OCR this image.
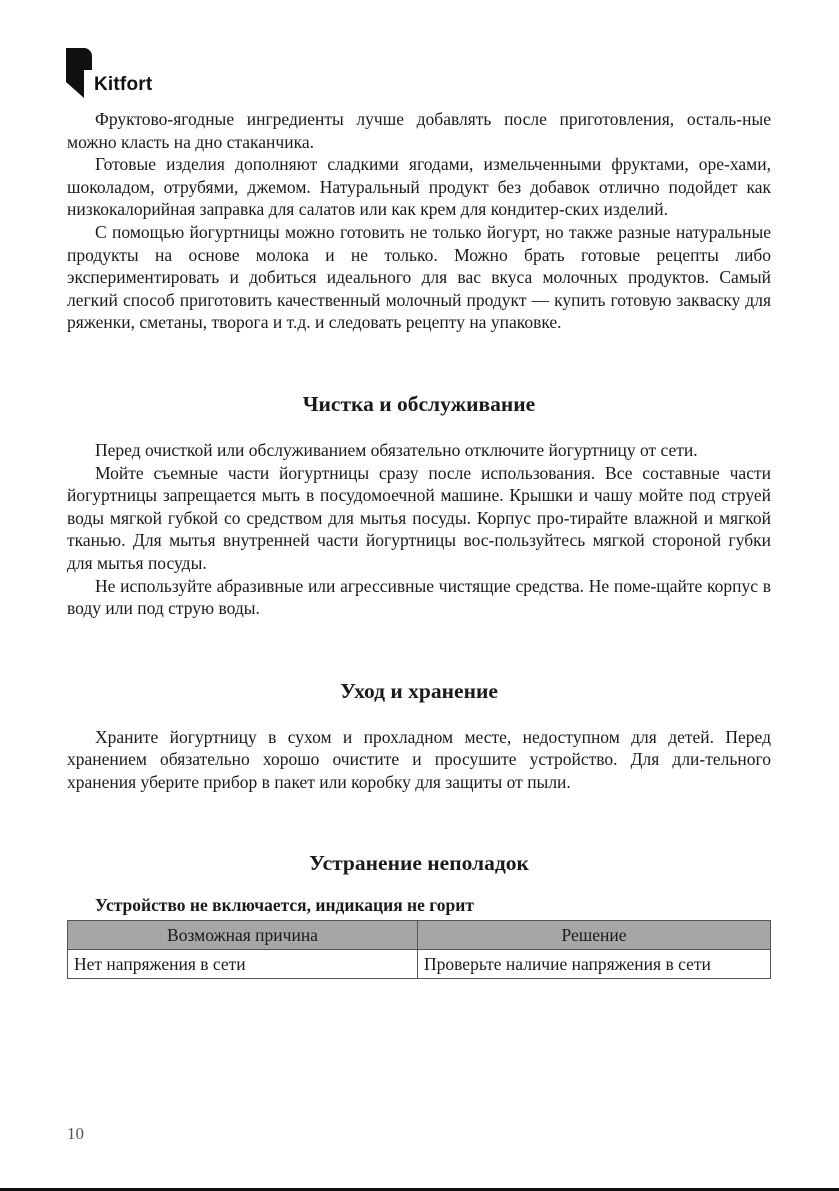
Kitfort

Фруктово-ягодные ингредиенты лучше добавлять после приготовления, осталь-ные можно класть на дно стаканчика.

Готовые изделия дополняют сладкими ягодами, измельченными фруктами, оре-хами, шоколадом, отрубями, джемом. Натуральный продукт без добавок отлично подойдет как низкокалорийная заправка для салатов или как крем для кондитер-ских изделий.

С помощью йогуртницы можно готовить не только йогурт, но также разные натуральные продукты на основе молока и не только. Можно брать готовые рецепты либо экспериментировать и добиться идеального для вас вкуса молочных продуктов. Самый легкий способ приготовить качественный молочный продукт — купить готовую закваску для ряженки, сметаны, творога и т.д. и следовать рецепту на упаковке.

Чистка и обслуживание

Перед очисткой или обслуживанием обязательно отключите йогуртницу от сети.

Мойте съемные части йогуртницы сразу после использования. Все составные части йогуртницы запрещается мыть в посудомоечной машине. Крышки и чашу мойте под струей воды мягкой губкой со средством для мытья посуды. Корпус про-тирайте влажной и мягкой тканью. Для мытья внутренней части йогуртницы вос-пользуйтесь мягкой стороной губки для мытья посуды.

Не используйте абразивные или агрессивные чистящие средства. Не поме-щайте корпус в воду или под струю воды.

Уход и хранение

Храните йогуртницу в сухом и прохладном месте, недоступном для детей. Перед хранением обязательно хорошо очистите и просушите устройство. Для дли-тельного хранения уберите прибор в пакет или коробку для защиты от пыли.

Устранение неполадок
Устройство не включается, индикация не горит
Возможная причина	Решение
Нет напряжения в сети	Проверьте наличие напряжения в сети
10
